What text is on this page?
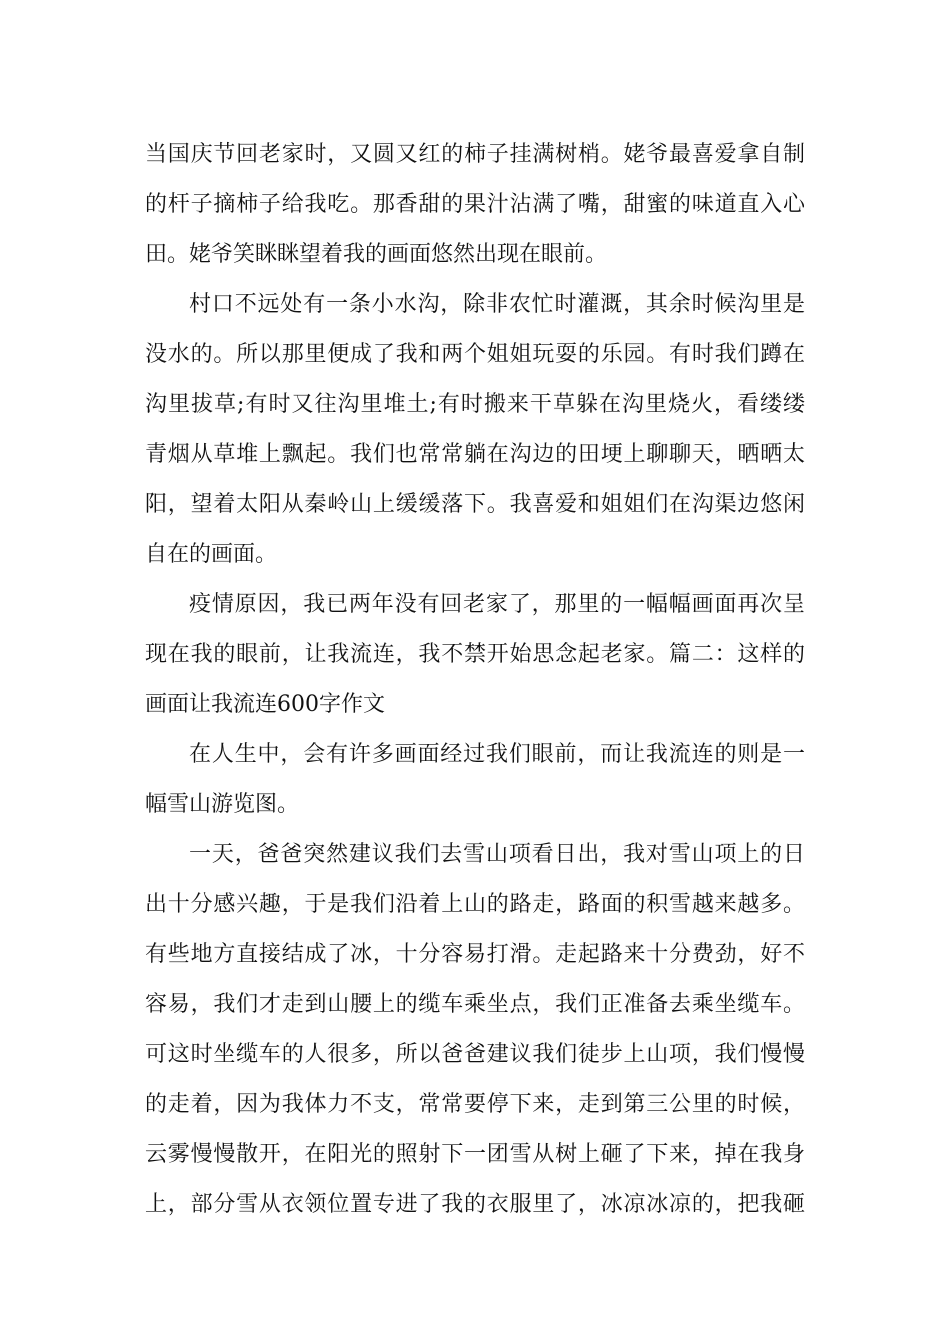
当国庆节回老家时，又圆又红的柿子挂满树梢。姥爷最喜爱拿自制
的杆子摘柿子给我吃。那香甜的果汁沾满了嘴，甜蜜的味道直入心
田。姥爷笑眯眯望着我的画面悠然出现在眼前。
村口不远处有一条小水沟，除非农忙时灌溉，其余时候沟里是
没水的。所以那里便成了我和两个姐姐玩耍的乐园。有时我们蹲在
沟里拔草;有时又往沟里堆土;有时搬来干草躲在沟里烧火，看缕缕
青烟从草堆上飘起。我们也常常躺在沟边的田埂上聊聊天，晒晒太
阳，望着太阳从秦岭山上缓缓落下。我喜爱和姐姐们在沟渠边悠闲
自在的画面。
疫情原因，我已两年没有回老家了，那里的一幅幅画面再次呈
现在我的眼前，让我流连，我不禁开始思念起老家。篇二：这样的
画面让我流连600字作文
在人生中，会有许多画面经过我们眼前，而让我流连的则是一
幅雪山游览图。
一天，爸爸突然建议我们去雪山项看日出，我对雪山项上的日
出十分感兴趣，于是我们沿着上山的路走，路面的积雪越来越多。
有些地方直接结成了冰，十分容易打滑。走起路来十分费劲，好不
容易，我们才走到山腰上的缆车乘坐点，我们正准备去乘坐缆车。
可这时坐缆车的人很多，所以爸爸建议我们徒步上山项，我们慢慢
的走着，因为我体力不支，常常要停下来，走到第三公里的时候，
云雾慢慢散开，在阳光的照射下一团雪从树上砸了下来，掉在我身
上，部分雪从衣领位置专进了我的衣服里了，冰凉冰凉的，把我砸
